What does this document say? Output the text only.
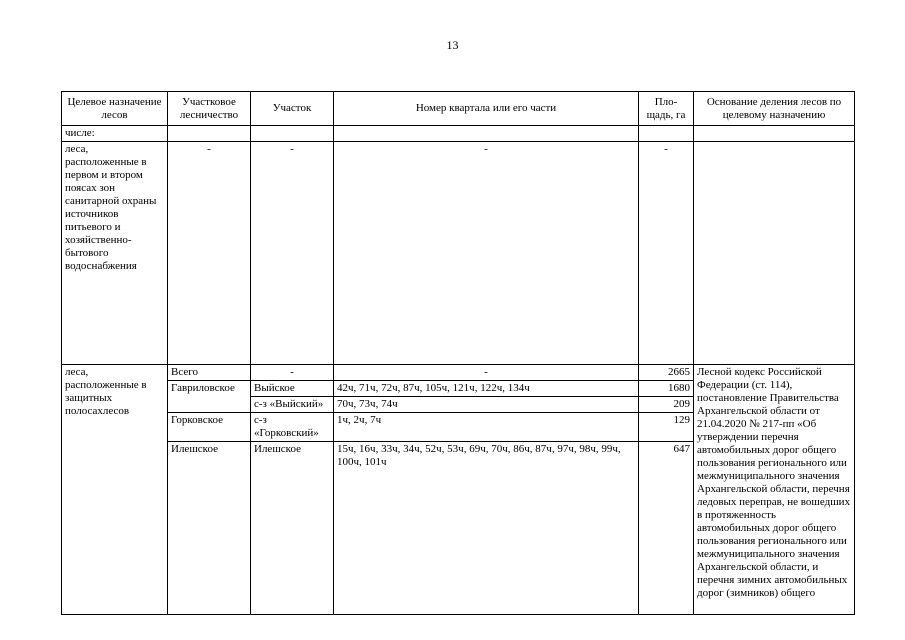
13
Целевое назначение лесов	Участковое лесничество	Участок	Номер квартала или его части	Пло-щадь, га	Основание деления лесов по целевому назначению
числе:					
леса, расположенные в первом и втором поясах зон санитарной охраны источников питьевого и хозяйственно-бытового водоснабжения	-	-	-	-	
леса, расположенные в защитных полосахлесов	Всего	-	-	2665	Лесной кодекс Российской Федерации (ст. 114), постановление Правительства Архангельской области от 21.04.2020 № 217-пп «Об утверждении перечня автомобильных дорог общего пользования регионального или межмуниципального значения Архангельской области, перечня ледовых переправ, не вошедших в протяженность автомобильных дорог общего пользования регионального или межмуниципального значения Архангельской области, и перечня зимних автомобильных дорог (зимников) общего
	Гавриловское	Выйское	42ч, 71ч, 72ч, 87ч, 105ч, 121ч, 122ч, 134ч	1680	
		с-з «Выйский»	70ч, 73ч, 74ч	209	
	Горковское	с-з «Горковский»	1ч, 2ч, 7ч	129	
	Илешское	Илешское	15ч, 16ч, 33ч, 34ч, 52ч, 53ч, 69ч, 70ч, 86ч, 87ч, 97ч, 98ч, 99ч, 100ч, 101ч	647	
